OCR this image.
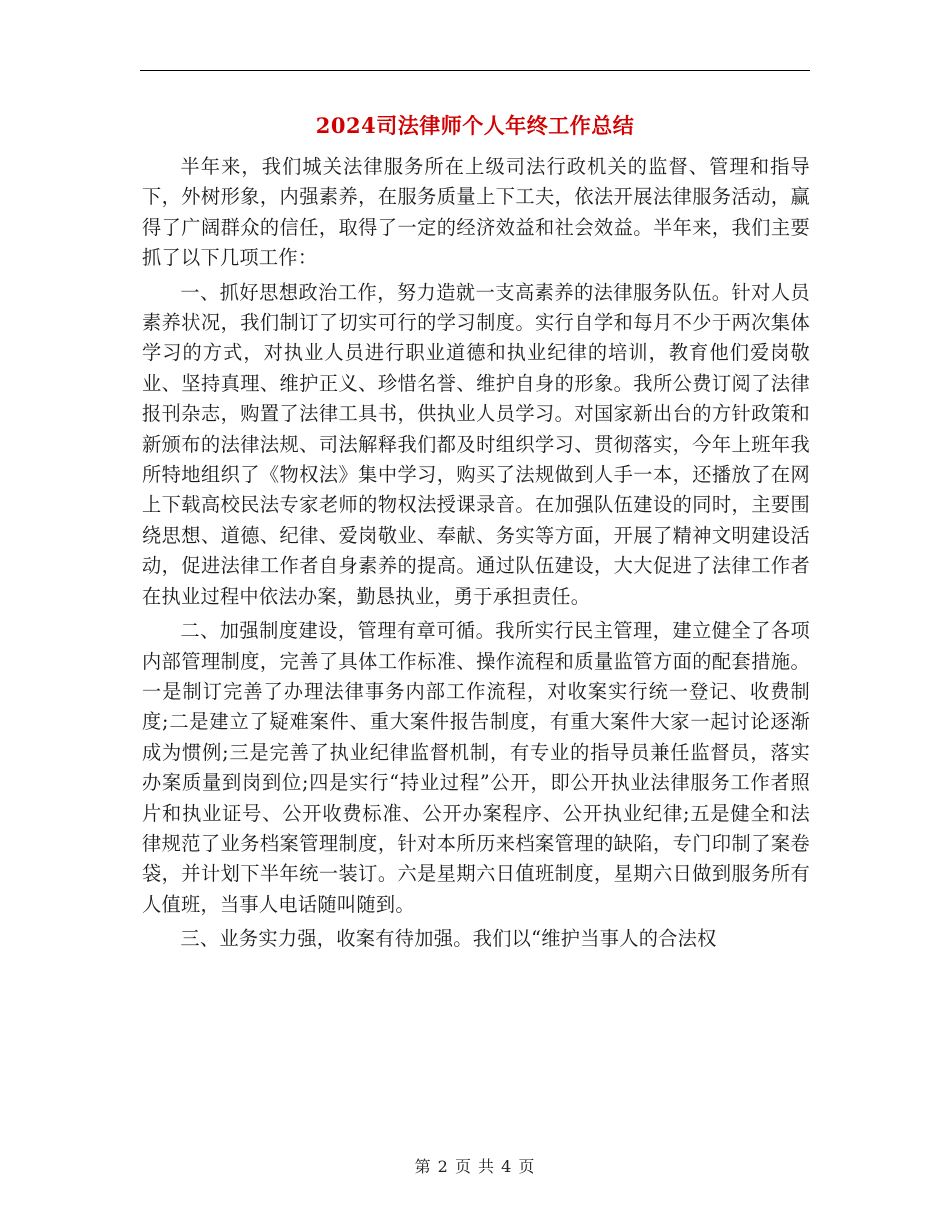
2024司法律师个人年终工作总结

半年来，我们城关法律服务所在上级司法行政机关的监督、管理和指导下，外树形象，内强素养，在服务质量上下工夫，依法开展法律服务活动，赢得了广阔群众的信任，取得了一定的经济效益和社会效益。半年来，我们主要抓了以下几项工作：

一、抓好思想政治工作，努力造就一支高素养的法律服务队伍。针对人员素养状况，我们制订了切实可行的学习制度。实行自学和每月不少于两次集体学习的方式，对执业人员进行职业道德和执业纪律的培训，教育他们爱岗敬业、坚持真理、维护正义、珍惜名誉、维护自身的形象。我所公费订阅了法律报刊杂志，购置了法律工具书，供执业人员学习。对国家新出台的方针政策和新颁布的法律法规、司法解释我们都及时组织学习、贯彻落实，今年上班年我所特地组织了《物权法》集中学习，购买了法规做到人手一本，还播放了在网上下载高校民法专家老师的物权法授课录音。在加强队伍建设的同时，主要围绕思想、道德、纪律、爱岗敬业、奉献、务实等方面，开展了精神文明建设活动，促进法律工作者自身素养的提高。通过队伍建设，大大促进了法律工作者在执业过程中依法办案，勤恳执业，勇于承担责任。

二、加强制度建设，管理有章可循。我所实行民主管理，建立健全了各项内部管理制度，完善了具体工作标准、操作流程和质量监管方面的配套措施。一是制订完善了办理法律事务内部工作流程，对收案实行统一登记、收费制度;二是建立了疑难案件、重大案件报告制度，有重大案件大家一起讨论逐渐成为惯例;三是完善了执业纪律监督机制，有专业的指导员兼任监督员，落实办案质量到岗到位;四是实行“持业过程”公开，即公开执业法律服务工作者照片和执业证号、公开收费标准、公开办案程序、公开执业纪律;五是健全和法律规范了业务档案管理制度，针对本所历来档案管理的缺陷，专门印制了案卷袋，并计划下半年统一装订。六是星期六日值班制度，星期六日做到服务所有人值班，当事人电话随叫随到。

三、业务实力强，收案有待加强。我们以“维护当事人的合法权

第 2 页 共 4 页
